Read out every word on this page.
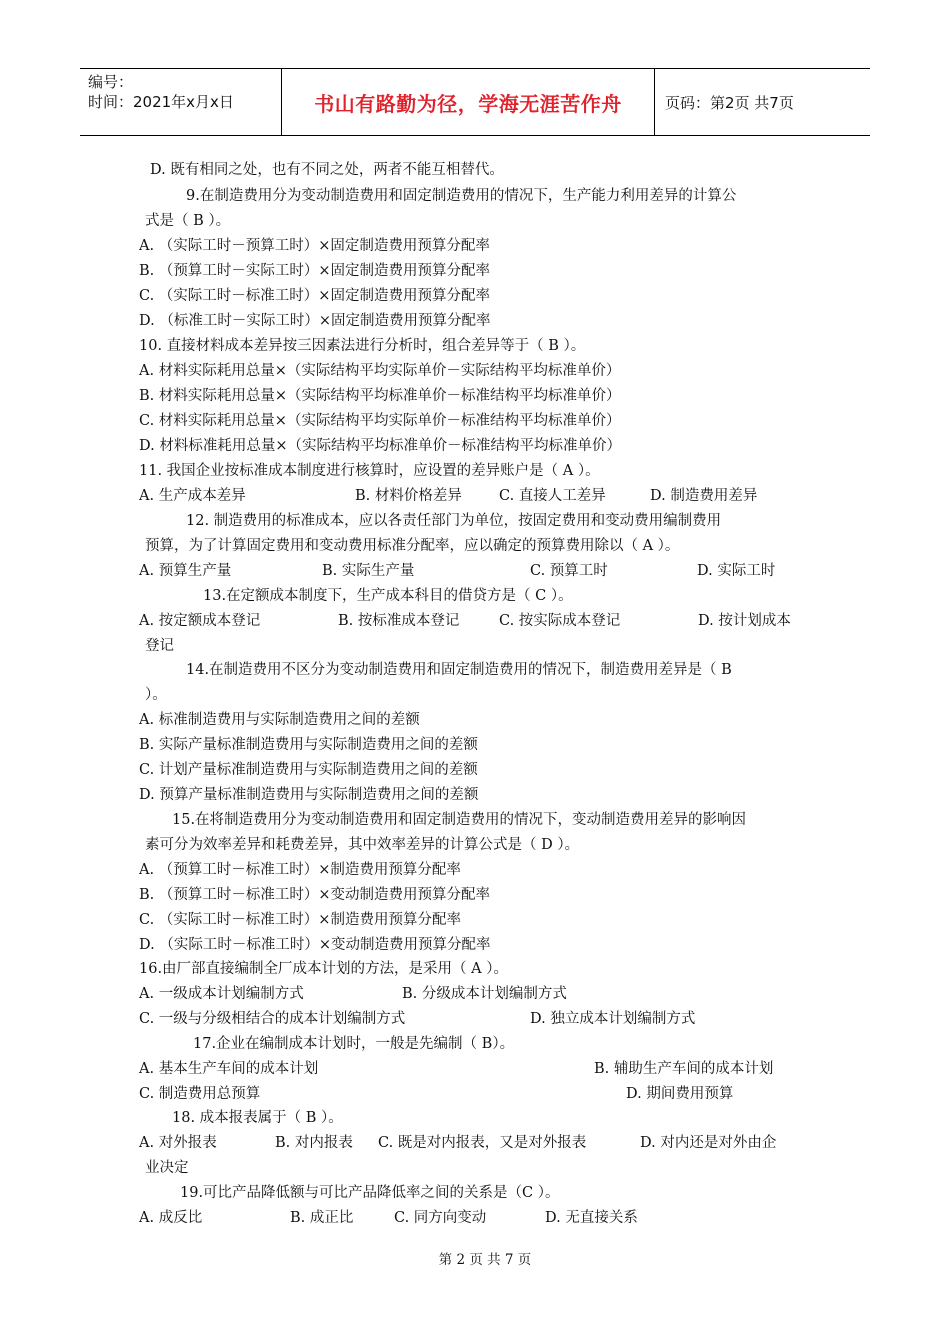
编号：
时间：2021年x月x日	书山有路勤为径，学海无涯苦作舟	页码：第2页 共7页
D. 既有相同之处，也有不同之处，两者不能互相替代。
9.在制造费用分为变动制造费用和固定制造费用的情况下，生产能力利用差异的计算公
式是（ B ）。
A. （实际工时－预算工时）×固定制造费用预算分配率
B. （预算工时－实际工时）×固定制造费用预算分配率
C. （实际工时－标准工时）×固定制造费用预算分配率
D. （标准工时－实际工时）×固定制造费用预算分配率
10. 直接材料成本差异按三因素法进行分析时，组合差异等于（ B ）。
A. 材料实际耗用总量×（实际结构平均实际单价－实际结构平均标准单价）
B. 材料实际耗用总量×（实际结构平均标准单价－标准结构平均标准单价）
C. 材料实际耗用总量×（实际结构平均实际单价－标准结构平均标准单价）
D. 材料标准耗用总量×（实际结构平均标准单价－标准结构平均标准单价）
11. 我国企业按标准成本制度进行核算时，应设置的差异账户是（ A ）。
A. 生产成本差异	B. 材料价格差异	C. 直接人工差异	D. 制造费用差异
12. 制造费用的标准成本，应以各责任部门为单位，按固定费用和变动费用编制费用
预算，为了计算固定费用和变动费用标准分配率，应以确定的预算费用除以（ A ）。
A. 预算生产量	B. 实际生产量	C. 预算工时	D. 实际工时
13.在定额成本制度下，生产成本科目的借贷方是（ C ）。
A. 按定额成本登记	B. 按标准成本登记	C. 按实际成本登记	D. 按计划成本
登记
14.在制造费用不区分为变动制造费用和固定制造费用的情况下，制造费用差异是（ B
）。
A. 标准制造费用与实际制造费用之间的差额
B. 实际产量标准制造费用与实际制造费用之间的差额
C. 计划产量标准制造费用与实际制造费用之间的差额
D. 预算产量标准制造费用与实际制造费用之间的差额
15.在将制造费用分为变动制造费用和固定制造费用的情况下，变动制造费用差异的影响因
素可分为效率差异和耗费差异，其中效率差异的计算公式是（ D ）。
A. （预算工时－标准工时）×制造费用预算分配率
B. （预算工时－标准工时）×变动制造费用预算分配率
C. （实际工时－标准工时）×制造费用预算分配率
D. （实际工时－标准工时）×变动制造费用预算分配率
16.由厂部直接编制全厂成本计划的方法，是采用（ A ）。
A. 一级成本计划编制方式	B. 分级成本计划编制方式
C. 一级与分级相结合的成本计划编制方式	D. 独立成本计划编制方式
17.企业在编制成本计划时，一般是先编制（ B）。
A. 基本生产车间的成本计划	B. 辅助生产车间的成本计划
C. 制造费用总预算	D. 期间费用预算
18. 成本报表属于（ B ）。
A. 对外报表	B. 对内报表 C. 既是对内报表，又是对外报表	D. 对内还是对外由企
业决定
19.可比产品降低额与可比产品降低率之间的关系是（C ）。
A. 成反比	B. 成正比	C. 同方向变动	D. 无直接关系
第 2 页 共 7 页
